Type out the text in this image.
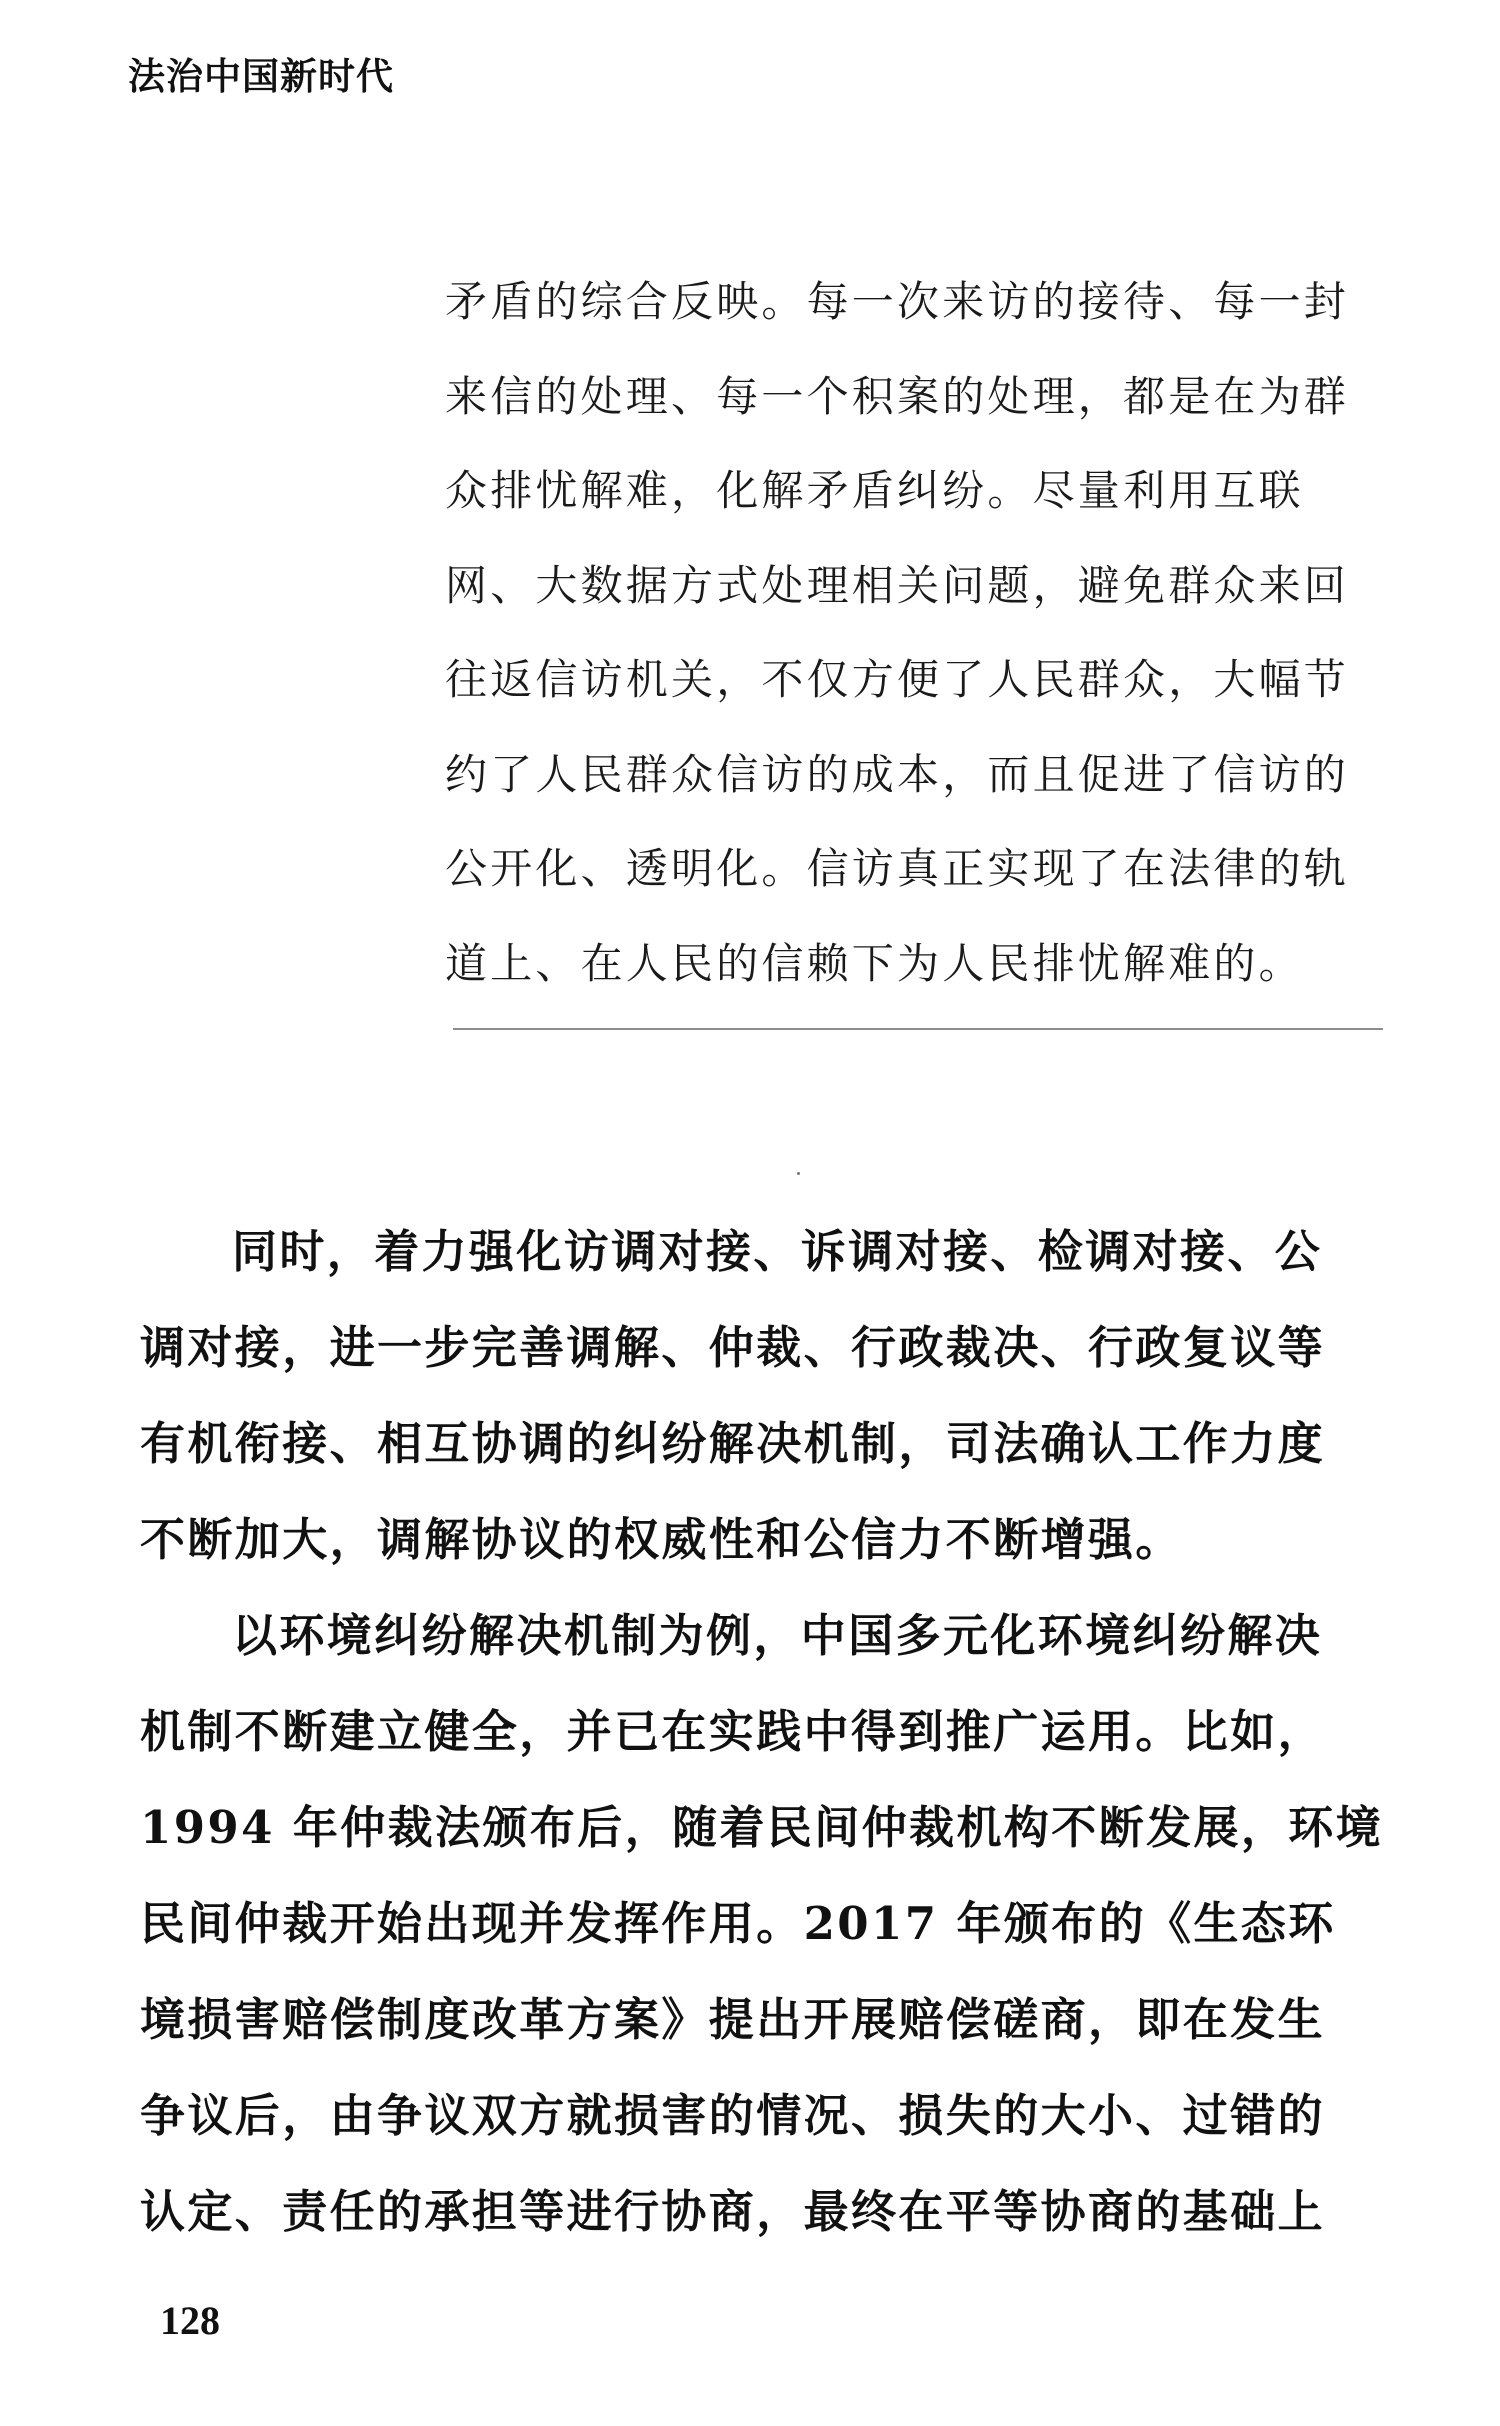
法治中国新时代
矛盾的综合反映。每一次来访的接待、每一封
来信的处理、每一个积案的处理，都是在为群
众排忧解难，化解矛盾纠纷。尽量利用互联
网、大数据方式处理相关问题，避免群众来回
往返信访机关，不仅方便了人民群众，大幅节
约了人民群众信访的成本，而且促进了信访的
公开化、透明化。信访真正实现了在法律的轨
道上、在人民的信赖下为人民排忧解难的。
同时，着力强化访调对接、诉调对接、检调对接、公
调对接，进一步完善调解、仲裁、行政裁决、行政复议等
有机衔接、相互协调的纠纷解决机制，司法确认工作力度
不断加大，调解协议的权威性和公信力不断增强。
以环境纠纷解决机制为例，中国多元化环境纠纷解决
机制不断建立健全，并已在实践中得到推广运用。比如，
1994 年仲裁法颁布后，随着民间仲裁机构不断发展，环境
民间仲裁开始出现并发挥作用。2017 年颁布的《生态环
境损害赔偿制度改革方案》提出开展赔偿磋商，即在发生
争议后，由争议双方就损害的情况、损失的大小、过错的
认定、责任的承担等进行协商，最终在平等协商的基础上
128
